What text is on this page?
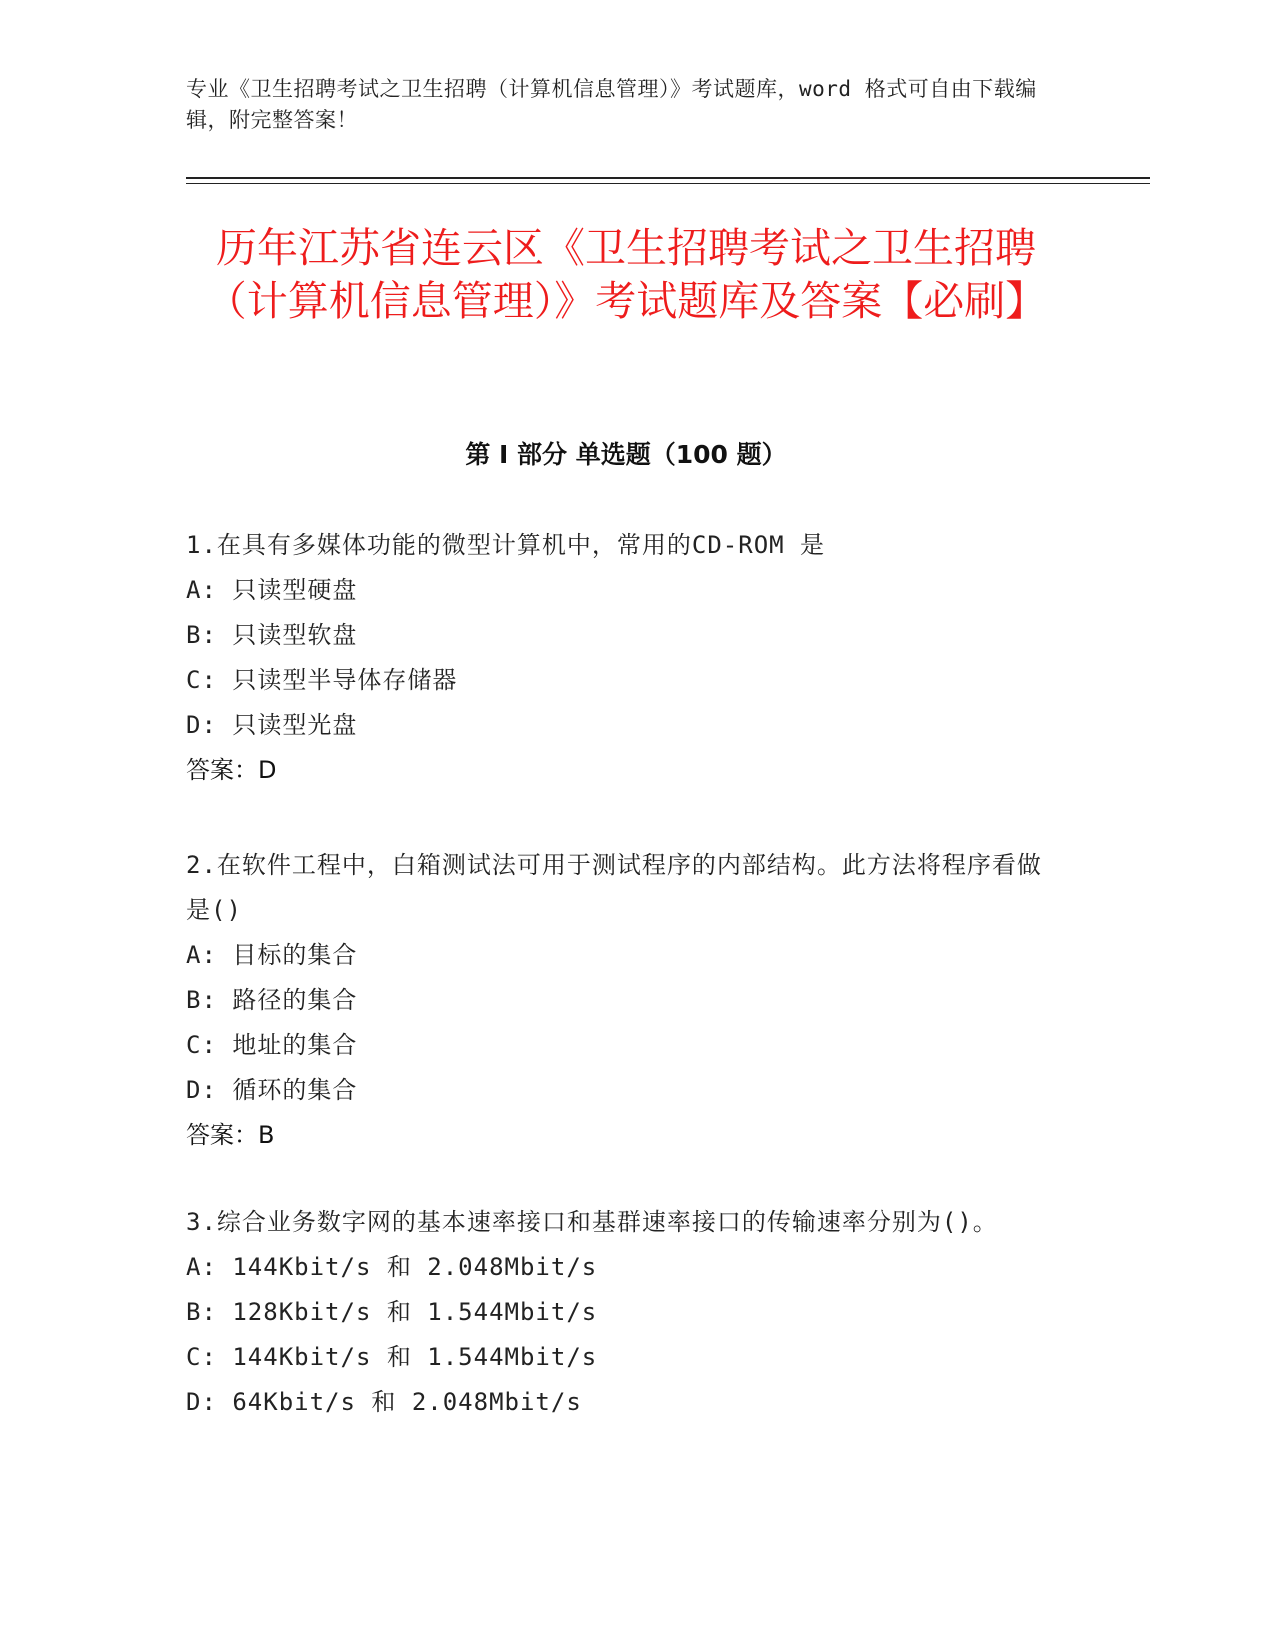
专业《卫生招聘考试之卫生招聘（计算机信息管理）》考试题库，word 格式可自由下载编辑，附完整答案！
历年江苏省连云区《卫生招聘考试之卫生招聘（计算机信息管理）》考试题库及答案【必刷】
第 I 部分 单选题（100 题）
1.在具有多媒体功能的微型计算机中，常用的CD-ROM 是
A: 只读型硬盘
B: 只读型软盘
C: 只读型半导体存储器
D: 只读型光盘
答案：D
2.在软件工程中，白箱测试法可用于测试程序的内部结构。此方法将程序看做是()
A: 目标的集合
B: 路径的集合
C: 地址的集合
D: 循环的集合
答案：B
3.综合业务数字网的基本速率接口和基群速率接口的传输速率分别为()。
A: 144Kbit/s 和 2.048Mbit/s
B: 128Kbit/s 和 1.544Mbit/s
C: 144Kbit/s 和 1.544Mbit/s
D: 64Kbit/s 和 2.048Mbit/s
